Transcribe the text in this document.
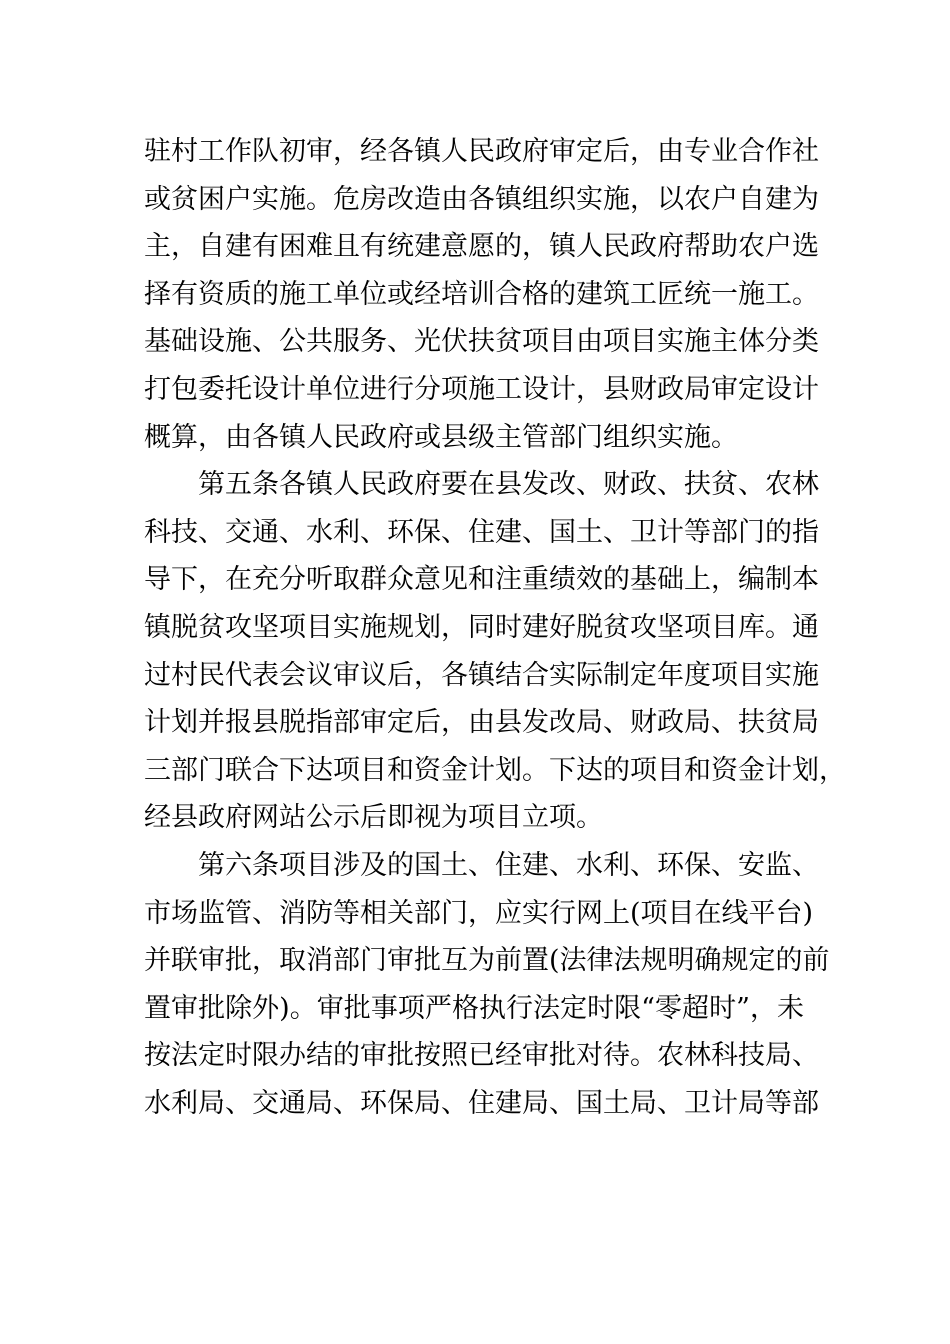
驻村工作队初审，经各镇人民政府审定后，由专业合作社
或贫困户实施。危房改造由各镇组织实施，以农户自建为
主，自建有困难且有统建意愿的，镇人民政府帮助农户选
择有资质的施工单位或经培训合格的建筑工匠统一施工。
基础设施、公共服务、光伏扶贫项目由项目实施主体分类
打包委托设计单位进行分项施工设计，县财政局审定设计
概算，由各镇人民政府或县级主管部门组织实施。
第五条各镇人民政府要在县发改、财政、扶贫、农林
科技、交通、水利、环保、住建、国土、卫计等部门的指
导下，在充分听取群众意见和注重绩效的基础上，编制本
镇脱贫攻坚项目实施规划，同时建好脱贫攻坚项目库。通
过村民代表会议审议后，各镇结合实际制定年度项目实施
计划并报县脱指部审定后，由县发改局、财政局、扶贫局
三部门联合下达项目和资金计划。下达的项目和资金计划，
经县政府网站公示后即视为项目立项。
第六条项目涉及的国土、住建、水利、环保、安监、
市场监管、消防等相关部门，应实行网上(项目在线平台)
并联审批，取消部门审批互为前置(法律法规明确规定的前
置审批除外)。审批事项严格执行法定时限“零超时”，未
按法定时限办结的审批按照已经审批对待。农林科技局、
水利局、交通局、环保局、住建局、国土局、卫计局等部
